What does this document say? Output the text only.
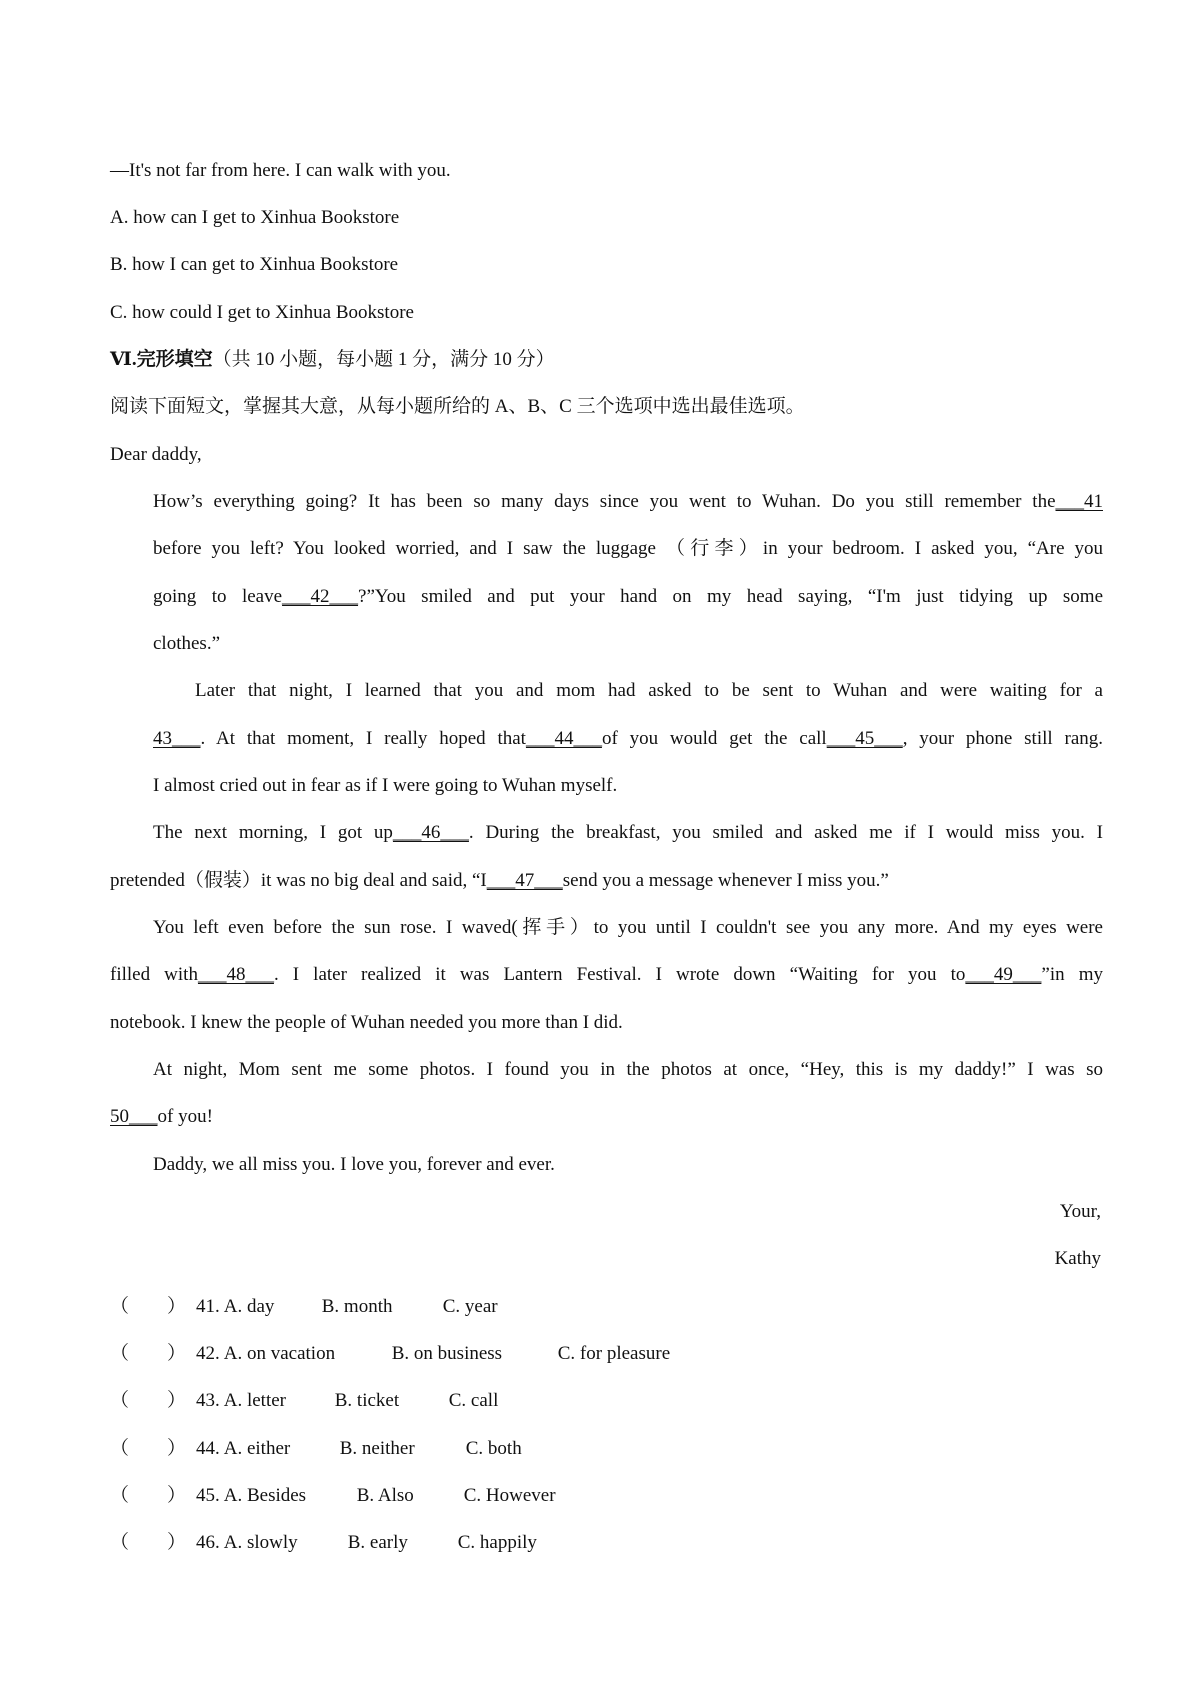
—It's not far from here. I can walk with you.
A. how can I get to Xinhua Bookstore
B. how I can get to Xinhua Bookstore
C. how could I get to Xinhua Bookstore
Ⅵ.完形填空（共 10 小题，每小题 1 分，满分 10 分）
阅读下面短文，掌握其大意，从每小题所给的 A、B、C 三个选项中选出最佳选项。
Dear daddy,
How’s everything going? It has been so many days since you went to Wuhan. Do you still remember the___41
before you left? You looked worried, and I saw the luggage （行李）in your bedroom. I asked you, “Are you
going to leave___42___?”You smiled and put your hand on my head saying, “I'm just tidying up some
clothes.”
Later that night, I learned that you and mom had asked to be sent to Wuhan and were waiting for a
43___. At that moment, I really hoped that___44___of you would get the call___45___, your phone still rang.
I almost cried out in fear as if I were going to Wuhan myself.
The next morning, I got up___46___. During the breakfast, you smiled and asked me if I would miss you. I
pretended（假装）it was no big deal and said, “I___47___send you a message whenever I miss you.”
You left even before the sun rose. I waved(挥手）to you until I couldn't see you any more. And my eyes were
filled with___48___. I later realized it was Lantern Festival. I wrote down “Waiting for you to___49___”in my
notebook. I knew the people of Wuhan needed you more than I did.
At night, Mom sent me some photos. I found you in the photos at once, “Hey, this is my daddy!” I was so
50___of you!
Daddy, we all miss you. I love you, forever and ever.
Your,
Kathy
（　　） 41. A. day B. month	C. year
（　　） 42. A. on vacation	B. on business	C. for pleasure
（　　） 43. A. letter	B. ticket	C. call
（　　） 44. A. either	B. neither	C. both
（　　） 45. A. Besides	B. Also	C. However
（　　） 46. A. slowly	B. early	C. happily
